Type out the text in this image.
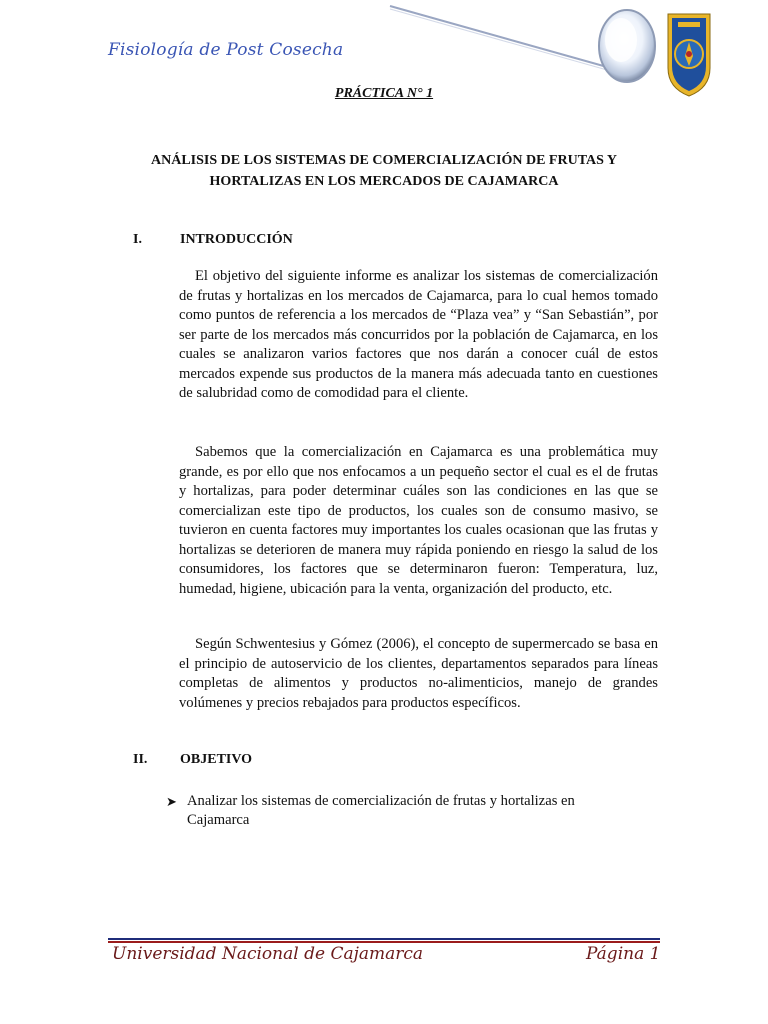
Fisiología de Post Cosecha
PRÁCTICA N° 1
ANÁLISIS DE LOS SISTEMAS DE COMERCIALIZACIÓN DE FRUTAS Y
HORTALIZAS EN LOS MERCADOS DE CAJAMARCA
I.	INTRODUCCIÓN
El objetivo del siguiente informe es analizar los sistemas de comercialización de frutas y hortalizas en los mercados de Cajamarca, para lo cual hemos tomado como puntos de referencia a los mercados de “Plaza vea” y “San Sebastián”, por ser parte de los mercados más concurridos por la población de Cajamarca, en los cuales se analizaron varios factores que nos darán a conocer cuál de estos mercados expende sus productos de la manera más adecuada tanto en cuestiones de salubridad como de comodidad para el cliente.
Sabemos que la comercialización en Cajamarca es una problemática muy grande, es por ello que nos enfocamos a un pequeño sector el cual es el de frutas y hortalizas, para poder determinar cuáles son las condiciones en las que se comercializan este tipo de productos, los cuales son de consumo masivo, se tuvieron en cuenta factores muy importantes los cuales ocasionan que las frutas y hortalizas se deterioren de manera muy rápida poniendo en riesgo la salud de los consumidores, los factores que se determinaron fueron: Temperatura, luz, humedad, higiene, ubicación para la venta, organización del producto, etc.
Según Schwentesius y Gómez (2006), el concepto de supermercado se basa en el principio de autoservicio de los clientes, departamentos separados para líneas completas de alimentos y productos no-alimenticios, manejo de grandes volúmenes y precios rebajados para productos específicos.
II. OBJETIVO
➤ Analizar los sistemas de comercialización de frutas y hortalizas en Cajamarca
Universidad Nacional de Cajamarca	Página 1
